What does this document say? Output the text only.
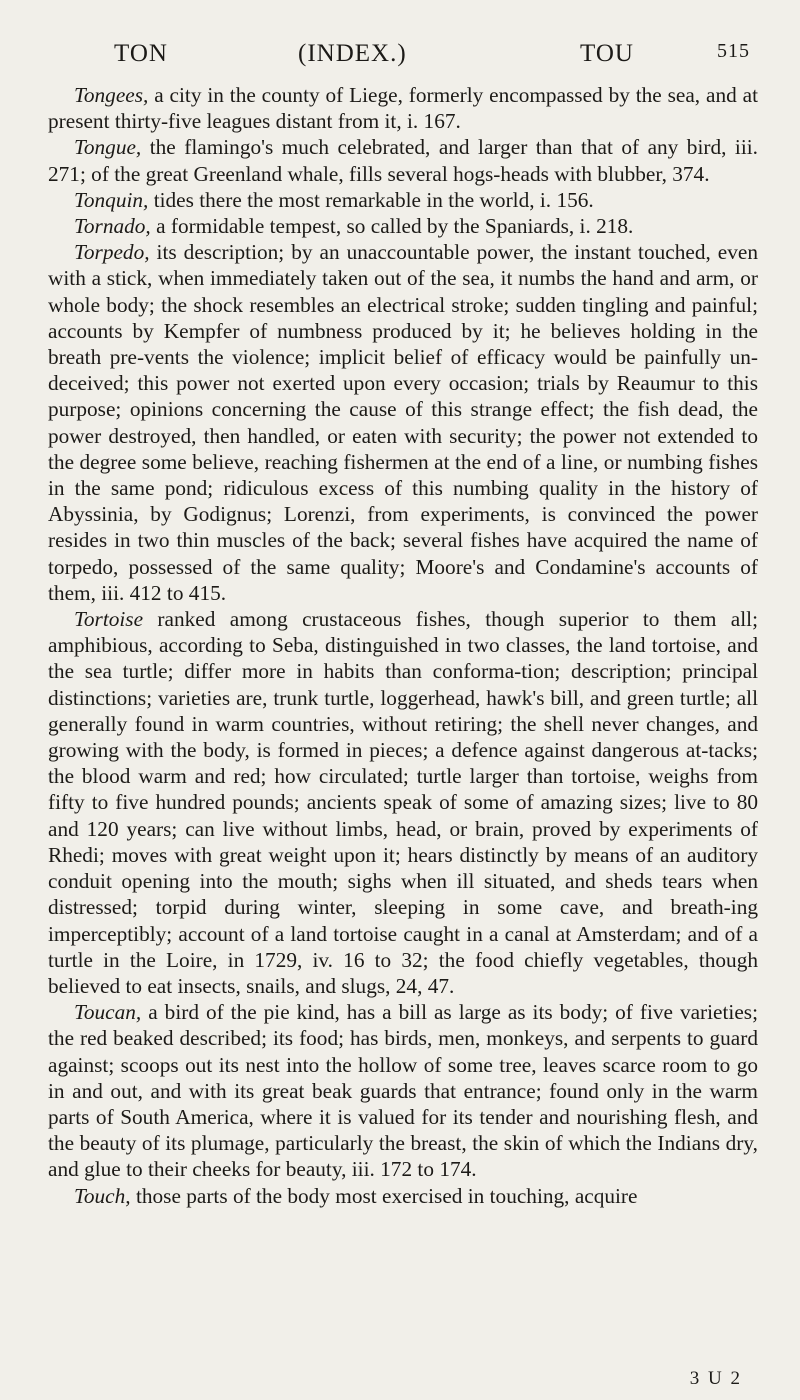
TON	(INDEX.)	TOU	515

Tongees, a city in the county of Liege, formerly encompassed by the sea, and at present thirty-five leagues distant from it, i. 167.

Tongue, the flamingo's much celebrated, and larger than that of any bird, iii. 271; of the great Greenland whale, fills several hogs-heads with blubber, 374.

Tonquin, tides there the most remarkable in the world, i. 156.

Tornado, a formidable tempest, so called by the Spaniards, i. 218.

Torpedo, its description; by an unaccountable power, the instant touched, even with a stick, when immediately taken out of the sea, it numbs the hand and arm, or whole body; the shock resembles an electrical stroke; sudden tingling and painful; accounts by Kempfer of numbness produced by it; he believes holding in the breath pre-vents the violence; implicit belief of efficacy would be painfully un-deceived; this power not exerted upon every occasion; trials by Reaumur to this purpose; opinions concerning the cause of this strange effect; the fish dead, the power destroyed, then handled, or eaten with security; the power not extended to the degree some believe, reaching fishermen at the end of a line, or numbing fishes in the same pond; ridiculous excess of this numbing quality in the history of Abyssinia, by Godignus; Lorenzi, from experiments, is convinced the power resides in two thin muscles of the back; several fishes have acquired the name of torpedo, possessed of the same quality; Moore's and Condamine's accounts of them, iii. 412 to 415.

Tortoise ranked among crustaceous fishes, though superior to them all; amphibious, according to Seba, distinguished in two classes, the land tortoise, and the sea turtle; differ more in habits than conforma-tion; description; principal distinctions; varieties are, trunk turtle, loggerhead, hawk's bill, and green turtle; all generally found in warm countries, without retiring; the shell never changes, and growing with the body, is formed in pieces; a defence against dangerous at-tacks; the blood warm and red; how circulated; turtle larger than tortoise, weighs from fifty to five hundred pounds; ancients speak of some of amazing sizes; live to 80 and 120 years; can live without limbs, head, or brain, proved by experiments of Rhedi; moves with great weight upon it; hears distinctly by means of an auditory conduit opening into the mouth; sighs when ill situated, and sheds tears when distressed; torpid during winter, sleeping in some cave, and breath-ing imperceptibly; account of a land tortoise caught in a canal at Amsterdam; and of a turtle in the Loire, in 1729, iv. 16 to 32; the food chiefly vegetables, though believed to eat insects, snails, and slugs, 24, 47.

Toucan, a bird of the pie kind, has a bill as large as its body; of five varieties; the red beaked described; its food; has birds, men, monkeys, and serpents to guard against; scoops out its nest into the hollow of some tree, leaves scarce room to go in and out, and with its great beak guards that entrance; found only in the warm parts of South America, where it is valued for its tender and nourishing flesh, and the beauty of its plumage, particularly the breast, the skin of which the Indians dry, and glue to their cheeks for beauty, iii. 172 to 174.

Touch, those parts of the body most exercised in touching, acquire

3 U 2
